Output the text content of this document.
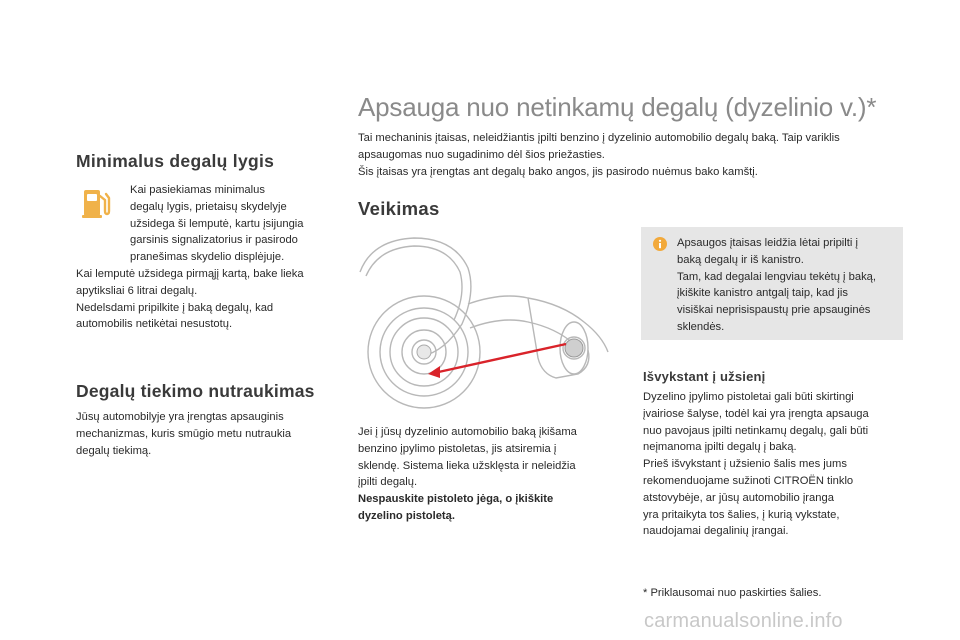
Apsauga nuo netinkamų degalų (dyzelinio v.)*
Tai mechaninis įtaisas, neleidžiantis įpilti benzino į dyzelinio automobilio degalų baką. Taip variklis
apsaugomas nuo sugadinimo dėl šios priežasties.
Šis įtaisas yra įrengtas ant degalų bako angos, jis pasirodo nuėmus bako kamštį.
Minimalus degalų lygis
Kai pasiekiamas minimalus
degalų lygis, prietaisų skydelyje
užsidega ši lemputė, kartu įsijungia
garsinis signalizatorius ir pasirodo
pranešimas skydelio displėjuje.
Kai lemputė užsidega pirmąjį kartą, bake lieka
apytiksliai 6 litrai degalų.
Nedelsdami pripilkite į baką degalų, kad
automobilis netikėtai nesustotų.
Degalų tiekimo nutraukimas
Jūsų automobilyje yra įrengtas apsauginis
mechanizmas, kuris smūgio metu nutraukia
degalų tiekimą.
Veikimas
Jei į jūsų dyzelinio automobilio baką įkišama
benzino įpylimo pistoletas, jis atsiremia į
sklendę. Sistema lieka užsklęsta ir neleidžia
įpilti degalų.
Nespauskite pistoleto jėga, o įkiškite
dyzelino pistoletą.
Apsaugos įtaisas leidžia lėtai pripilti į
baką degalų ir iš kanistro.
Tam, kad degalai lengviau tekėtų į baką,
įkiškite kanistro antgalį taip, kad jis
visiškai neprisispaustų prie apsauginės
sklendės.
Išvykstant į užsienį
Dyzelino įpylimo pistoletai gali būti skirtingi
įvairiose šalyse, todėl kai yra įrengta apsauga
nuo pavojaus įpilti netinkamų degalų, gali būti
neįmanoma įpilti degalų į baką.
Prieš išvykstant į užsienio šalis mes jums
rekomenduojame sužinoti CITROËN tinklo
atstovybėje, ar jūsų automobilio įranga
yra pritaikyta tos šalies, į kurią vykstate,
naudojamai degalinių įrangai.
* Priklausomai nuo paskirties šalies.
carmanualsonline.info
